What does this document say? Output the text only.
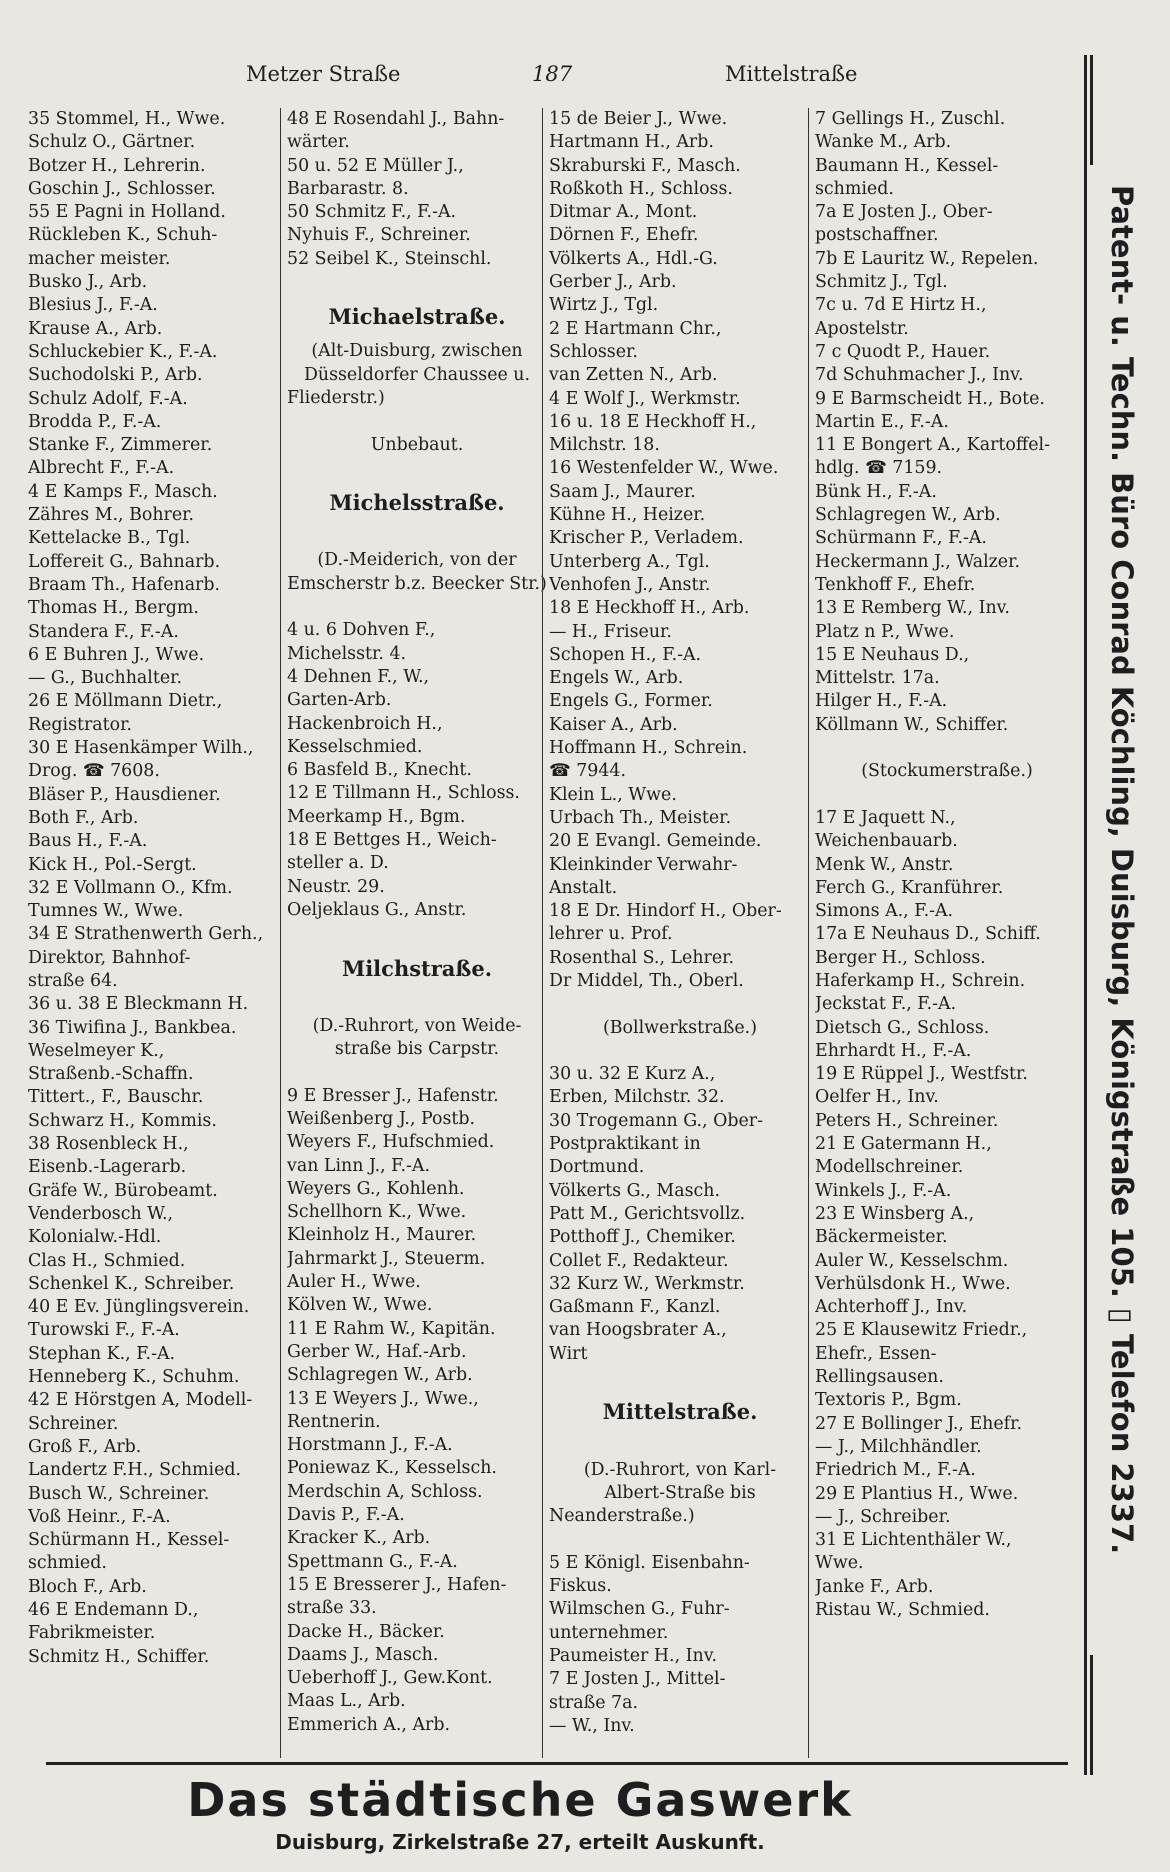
Metzer Straße	187	Mittelstraße
35 Stommel, H., Wwe.
Schulz O., Gärtner.
Botzer H., Lehrerin.
Goschin J., Schlosser.
55 E Pagni in Holland.
Rückleben K., Schuh-
macher meister.
Busko J., Arb.
Blesius J., F.-A.
Krause A., Arb.
Schluckebier K., F.-A.
Suchodolski P., Arb.
Schulz Adolf, F.-A.
Brodda P., F.-A.
Stanke F., Zimmerer.
Albrecht F., F.-A.
4 E Kamps F., Masch.
Zähres M., Bohrer.
Kettelacke B., Tgl.
Loffereit G., Bahnarb.
Braam Th., Hafenarb.
Thomas H., Bergm.
Standera F., F.-A.
6 E Buhren J., Wwe.
— G., Buchhalter.
26 E Möllmann Dietr.,
Registrator.
30 E Hasenkämper Wilh.,
Drog. ☎ 7608.
Bläser P., Hausdiener.
Both F., Arb.
Baus H., F.-A.
Kick H., Pol.-Sergt.
32 E Vollmann O., Kfm.
Tumnes W., Wwe.
34 E Strathenwerth Gerh.,
Direktor, Bahnhof-
straße 64.
36 u. 38 E Bleckmann H.
36 Tiwifina J., Bankbea.
Weselmeyer K.,
Straßenb.-Schaffn.
Tittert., F., Bauschr.
Schwarz H., Kommis.
38 Rosenbleck H.,
Eisenb.-Lagerarb.
Gräfe W., Bürobeamt.
Venderbosch W.,
Kolonialw.-Hdl.
Clas H., Schmied.
Schenkel K., Schreiber.
40 E Ev. Jünglingsverein.
Turowski F., F.-A.
Stephan K., F.-A.
Henneberg K., Schuhm.
42 E Hörstgen A, Modell-
Schreiner.
Groß F., Arb.
Landertz F.H., Schmied.
Busch W., Schreiner.
Voß Heinr., F.-A.
Schürmann H., Kessel-
schmied.
Bloch F., Arb.
46 E Endemann D.,
Fabrikmeister.
Schmitz H., Schiffer.
48 E Rosendahl J., Bahn-
wärter.
50 u. 52 E Müller J.,
Barbarastr. 8.
50 Schmitz F., F.-A.
Nyhuis F., Schreiner.
52 Seibel K., Steinschl.
Michaelstraße.
(Alt-Duisburg, zwischen
Düsseldorfer Chaussee u.
Fliederstr.)
Unbebaut.
Michelsstraße.
(D.-Meiderich, von der
Emscherstr b.z. Beecker Str.)
4 u. 6 Dohven F.,
Michelsstr. 4.
4 Dehnen F., W.,
Garten-Arb.
Hackenbroich H.,
Kesselschmied.
6 Basfeld B., Knecht.
12 E Tillmann H., Schloss.
Meerkamp H., Bgm.
18 E Bettges H., Weich-
steller a. D.
Neustr. 29.
Oeljeklaus G., Anstr.
Milchstraße.
(D.-Ruhrort, von Weide-
straße bis Carpstr.
9 E Bresser J., Hafenstr.
Weißenberg J., Postb.
Weyers F., Hufschmied.
van Linn J., F.-A.
Weyers G., Kohlenh.
Schellhorn K., Wwe.
Kleinholz H., Maurer.
Jahrmarkt J., Steuerm.
Auler H., Wwe.
Kölven W., Wwe.
11 E Rahm W., Kapitän.
Gerber W., Haf.-Arb.
Schlagregen W., Arb.
13 E Weyers J., Wwe.,
Rentnerin.
Horstmann J., F.-A.
Poniewaz K., Kesselsch.
Merdschin A, Schloss.
Davis P., F.-A.
Kracker K., Arb.
Spettmann G., F.-A.
15 E Bresserer J., Hafen-
straße 33.
Dacke H., Bäcker.
Daams J., Masch.
Ueberhoff J., Gew.Kont.
Maas L., Arb.
Emmerich A., Arb.
15 de Beier J., Wwe.
Hartmann H., Arb.
Skraburski F., Masch.
Roßkoth H., Schloss.
Ditmar A., Mont.
Dörnen F., Ehefr.
Völkerts A., Hdl.-G.
Gerber J., Arb.
Wirtz J., Tgl.
2 E Hartmann Chr.,
Schlosser.
van Zetten N., Arb.
4 E Wolf J., Werkmstr.
16 u. 18 E Heckhoff H.,
Milchstr. 18.
16 Westenfelder W., Wwe.
Saam J., Maurer.
Kühne H., Heizer.
Krischer P., Verladem.
Unterberg A., Tgl.
Venhofen J., Anstr.
18 E Heckhoff H., Arb.
— H., Friseur.
Schopen H., F.-A.
Engels W., Arb.
Engels G., Former.
Kaiser A., Arb.
Hoffmann H., Schrein.
☎ 7944.
Klein L., Wwe.
Urbach Th., Meister.
20 E Evangl. Gemeinde.
Kleinkinder Verwahr-
Anstalt.
18 E Dr. Hindorf H., Ober-
lehrer u. Prof.
Rosenthal S., Lehrer.
Dr Middel, Th., Oberl.
(Bollwerkstraße.)
30 u. 32 E Kurz A.,
Erben, Milchstr. 32.
30 Trogemann G., Ober-
Postpraktikant in
Dortmund.
Völkerts G., Masch.
Patt M., Gerichtsvollz.
Potthoff J., Chemiker.
Collet F., Redakteur.
32 Kurz W., Werkmstr.
Gaßmann F., Kanzl.
van Hoogsbrater A.,
Wirt
Mittelstraße.
(D.-Ruhrort, von Karl-
Albert-Straße bis
Neanderstraße.)
5 E Königl. Eisenbahn-
Fiskus.
Wilmschen G., Fuhr-
unternehmer.
Paumeister H., Inv.
7 E Josten J., Mittel-
straße 7a.
— W., Inv.
7 Gellings H., Zuschl.
Wanke M., Arb.
Baumann H., Kessel-
schmied.
7a E Josten J., Ober-
postschaffner.
7b E Lauritz W., Repelen.
Schmitz J., Tgl.
7c u. 7d E Hirtz H.,
Apostelstr.
7 c Quodt P., Hauer.
7d Schuhmacher J., Inv.
9 E Barmscheidt H., Bote.
Martin E., F.-A.
11 E Bongert A., Kartoffel-
hdlg. ☎ 7159.
Bünk H., F.-A.
Schlagregen W., Arb.
Schürmann F., F.-A.
Heckermann J., Walzer.
Tenkhoff F., Ehefr.
13 E Remberg W., Inv.
Platz n P., Wwe.
15 E Neuhaus D.,
Mittelstr. 17a.
Hilger H., F.-A.
Köllmann W., Schiffer.
(Stockumerstraße.)
17 E Jaquett N.,
Weichenbauarb.
Menk W., Anstr.
Ferch G., Kranführer.
Simons A., F.-A.
17a E Neuhaus D., Schiff.
Berger H., Schloss.
Haferkamp H., Schrein.
Jeckstat F., F.-A.
Dietsch G., Schloss.
Ehrhardt H., F.-A.
19 E Rüppel J., Westfstr.
Oelfer H., Inv.
Peters H., Schreiner.
21 E Gatermann H.,
Modellschreiner.
Winkels J., F.-A.
23 E Winsberg A.,
Bäckermeister.
Auler W., Kesselschm.
Verhülsdonk H., Wwe.
Achterhoff J., Inv.
25 E Klausewitz Friedr.,
Ehefr., Essen-
Rellingsausen.
Textoris P., Bgm.
27 E Bollinger J., Ehefr.
— J., Milchhändler.
Friedrich M., F.-A.
29 E Plantius H., Wwe.
— J., Schreiber.
31 E Lichtenthäler W.,
Wwe.
Janke F., Arb.
Ristau W., Schmied.
Patent- u. Techn. Büro Conrad Köchling, Duisburg, Königstraße 105. ▯ Telefon 2337.
Das städtische Gaswerk
Duisburg, Zirkelstraße 27, erteilt Auskunft.
